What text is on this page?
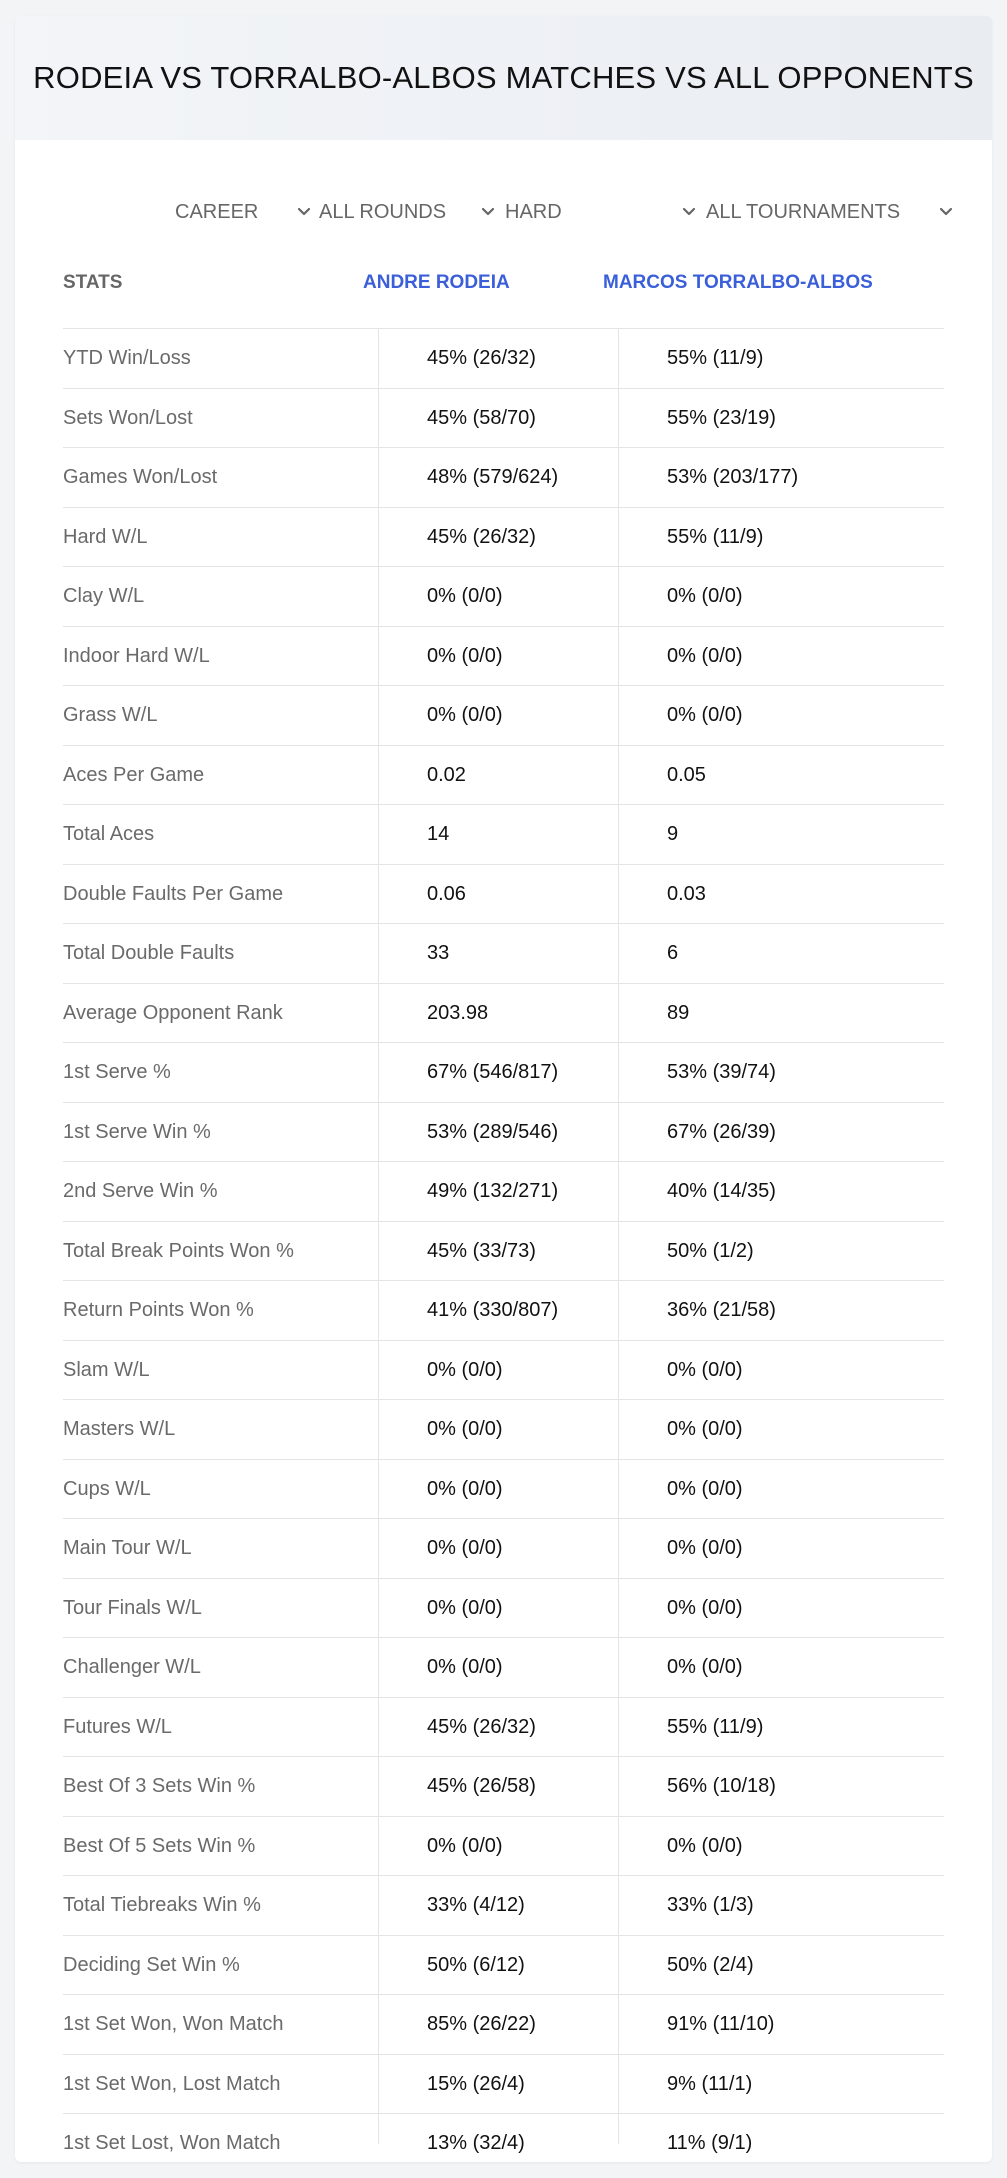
RODEIA VS TORRALBO-ALBOS MATCHES VS ALL OPPONENTS
CAREER	ALL ROUNDS	HARD	ALL TOURNAMENTS
STATS	ANDRE RODEIA	MARCOS TORRALBO-ALBOS
YTD Win/Loss	45% (26/32)	55% (11/9)
Sets Won/Lost	45% (58/70)	55% (23/19)
Games Won/Lost	48% (579/624)	53% (203/177)
Hard W/L	45% (26/32)	55% (11/9)
Clay W/L	0% (0/0)	0% (0/0)
Indoor Hard W/L	0% (0/0)	0% (0/0)
Grass W/L	0% (0/0)	0% (0/0)
Aces Per Game	0.02	0.05
Total Aces	14	9
Double Faults Per Game	0.06	0.03
Total Double Faults	33	6
Average Opponent Rank	203.98	89
1st Serve %	67% (546/817)	53% (39/74)
1st Serve Win %	53% (289/546)	67% (26/39)
2nd Serve Win %	49% (132/271)	40% (14/35)
Total Break Points Won %	45% (33/73)	50% (1/2)
Return Points Won %	41% (330/807)	36% (21/58)
Slam W/L	0% (0/0)	0% (0/0)
Masters W/L	0% (0/0)	0% (0/0)
Cups W/L	0% (0/0)	0% (0/0)
Main Tour W/L	0% (0/0)	0% (0/0)
Tour Finals W/L	0% (0/0)	0% (0/0)
Challenger W/L	0% (0/0)	0% (0/0)
Futures W/L	45% (26/32)	55% (11/9)
Best Of 3 Sets Win %	45% (26/58)	56% (10/18)
Best Of 5 Sets Win %	0% (0/0)	0% (0/0)
Total Tiebreaks Win %	33% (4/12)	33% (1/3)
Deciding Set Win %	50% (6/12)	50% (2/4)
1st Set Won, Won Match	85% (26/22)	91% (11/10)
1st Set Won, Lost Match	15% (26/4)	9% (11/1)
1st Set Lost, Won Match	13% (32/4)	11% (9/1)
